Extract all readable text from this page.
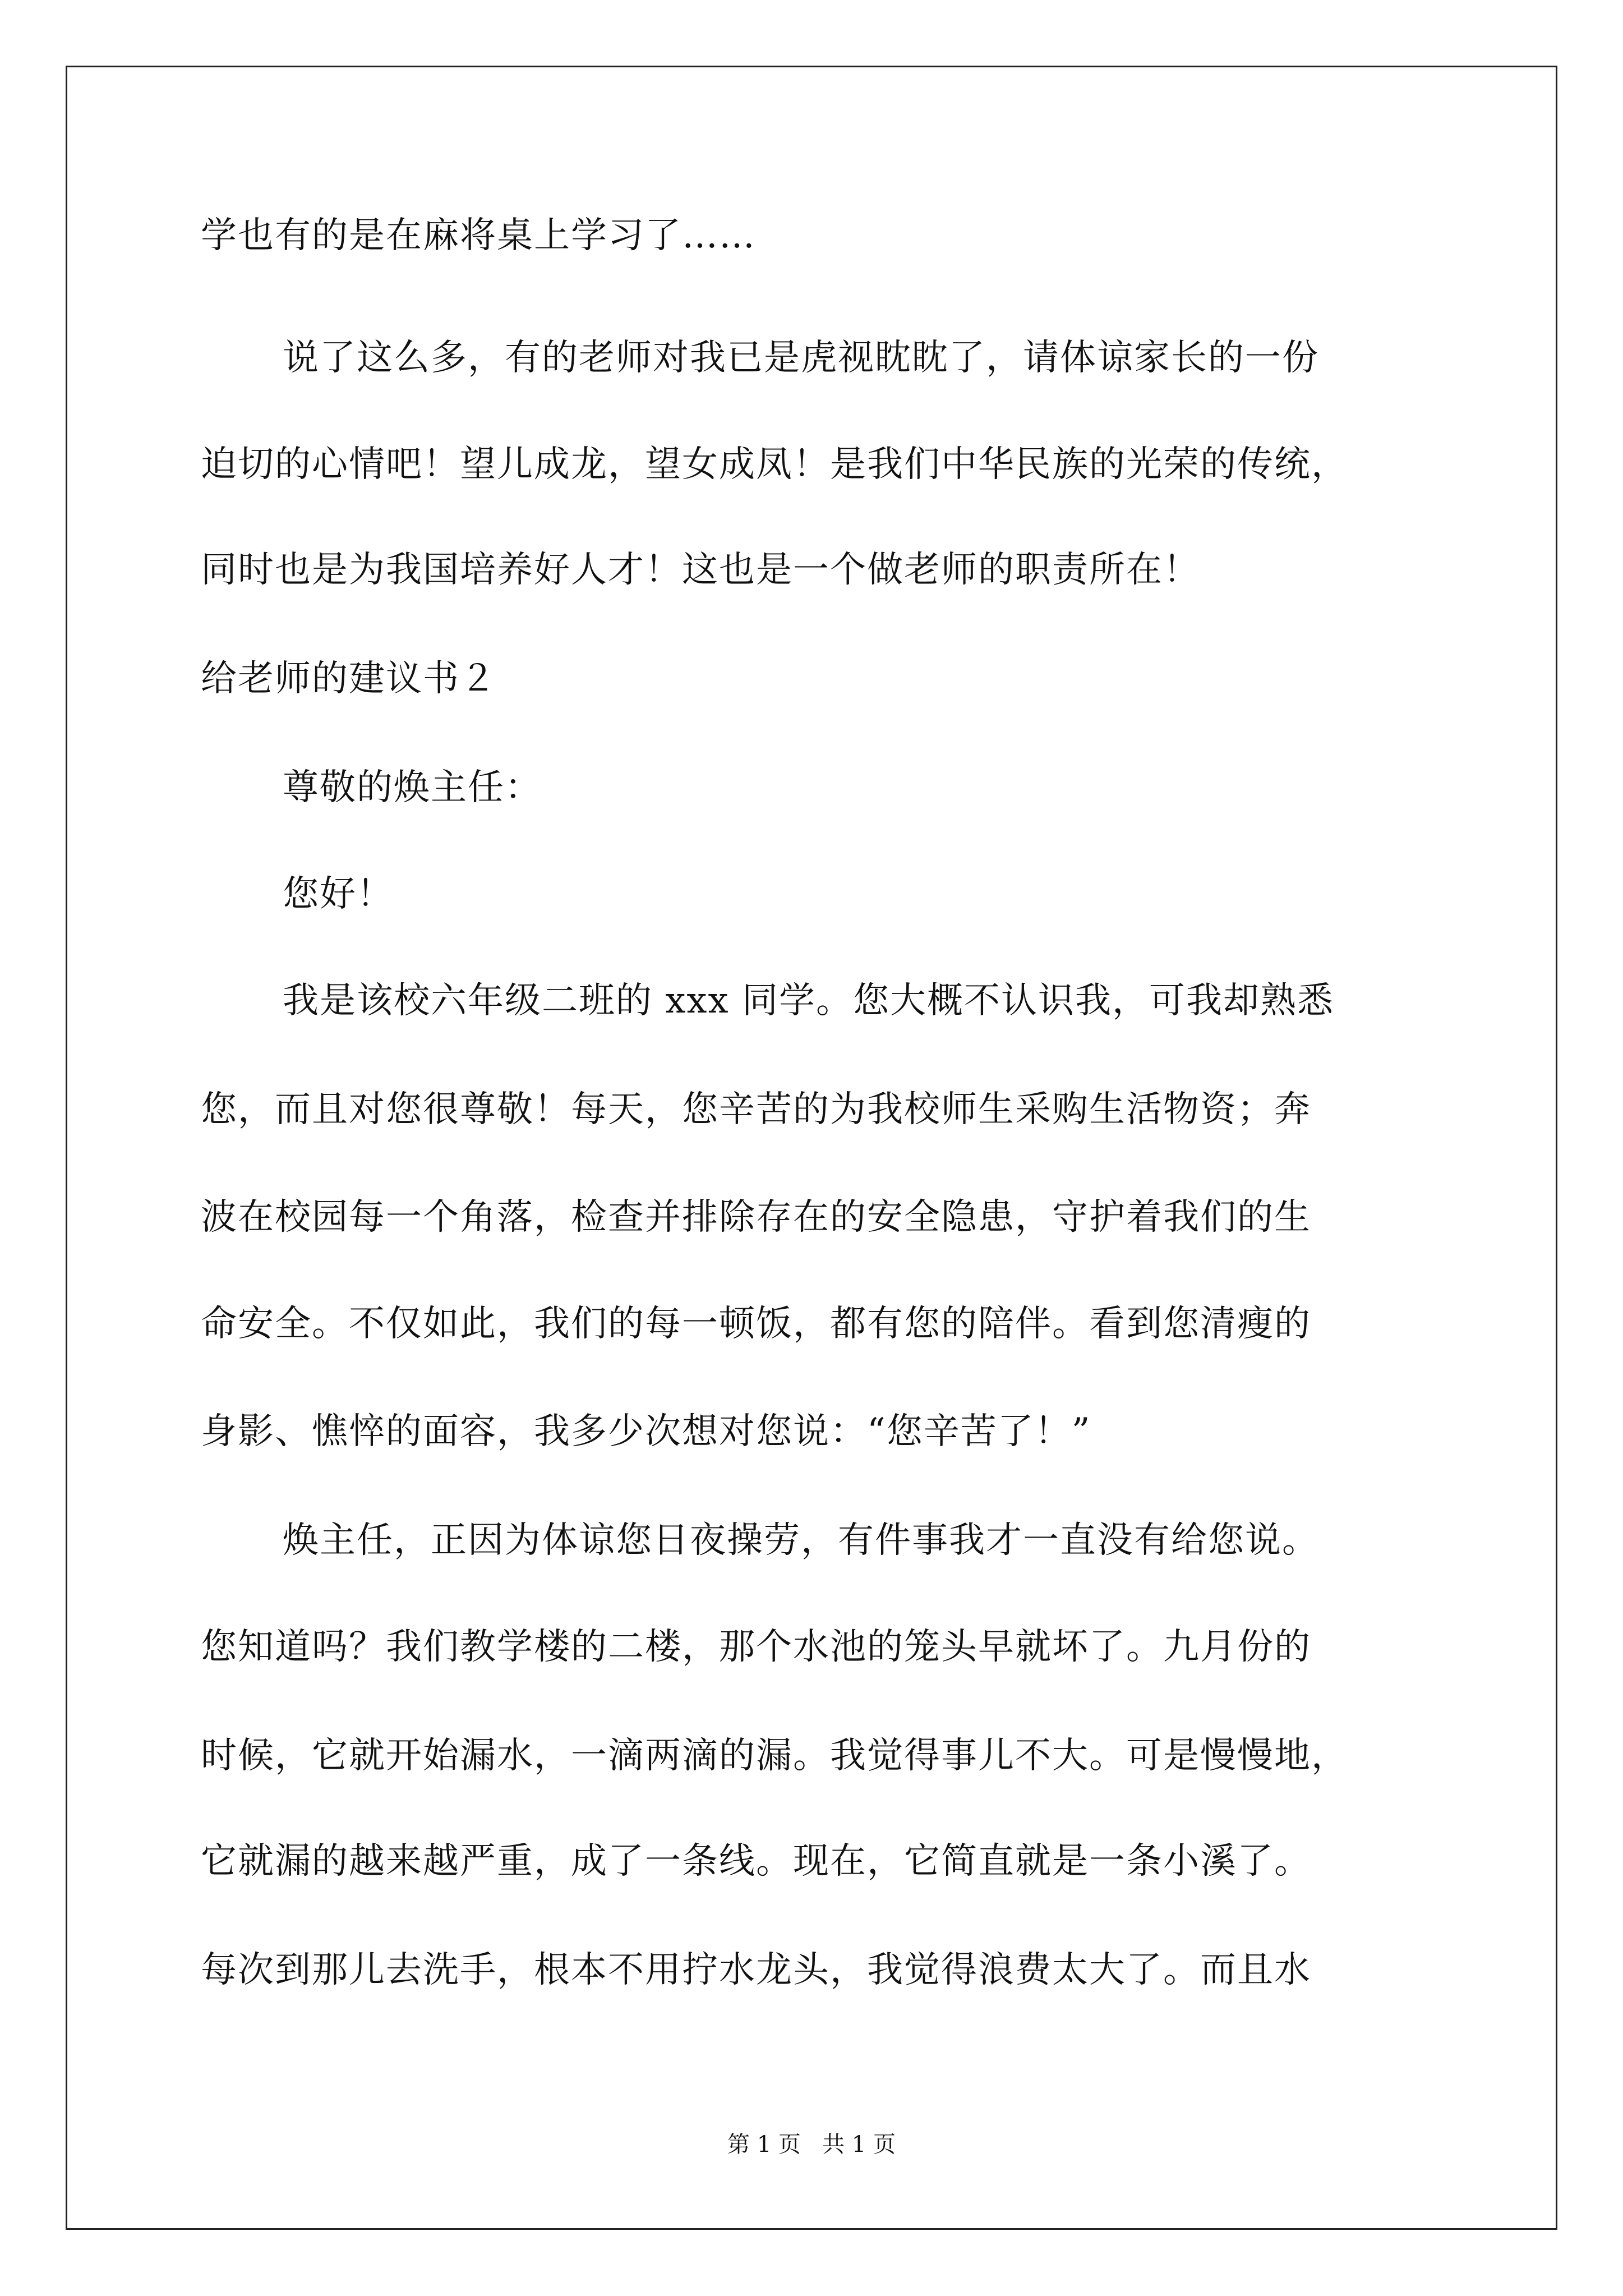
学也有的是在麻将桌上学习了……
说了这么多，有的老师对我已是虎视眈眈了，请体谅家长的一份
迫切的心情吧！望儿成龙，望女成凤！是我们中华民族的光荣的传统，
同时也是为我国培养好人才！这也是一个做老师的职责所在！
给老师的建议书２
尊敬的焕主任：
您好！
我是该校六年级二班的 xxx 同学。您大概不认识我，可我却熟悉
您，而且对您很尊敬！每天，您辛苦的为我校师生采购生活物资；奔
波在校园每一个角落，检查并排除存在的安全隐患，守护着我们的生
命安全。不仅如此，我们的每一顿饭，都有您的陪伴。看到您清瘦的
身影、憔悴的面容，我多少次想对您说：“您辛苦了！”
焕主任，正因为体谅您日夜操劳，有件事我才一直没有给您说。
您知道吗？我们教学楼的二楼，那个水池的笼头早就坏了。九月份的
时候，它就开始漏水，一滴两滴的漏。我觉得事儿不大。可是慢慢地，
它就漏的越来越严重，成了一条线。现在，它简直就是一条小溪了。
每次到那儿去洗手，根本不用拧水龙头，我觉得浪费太大了。而且水
第 1 页   共 1 页
